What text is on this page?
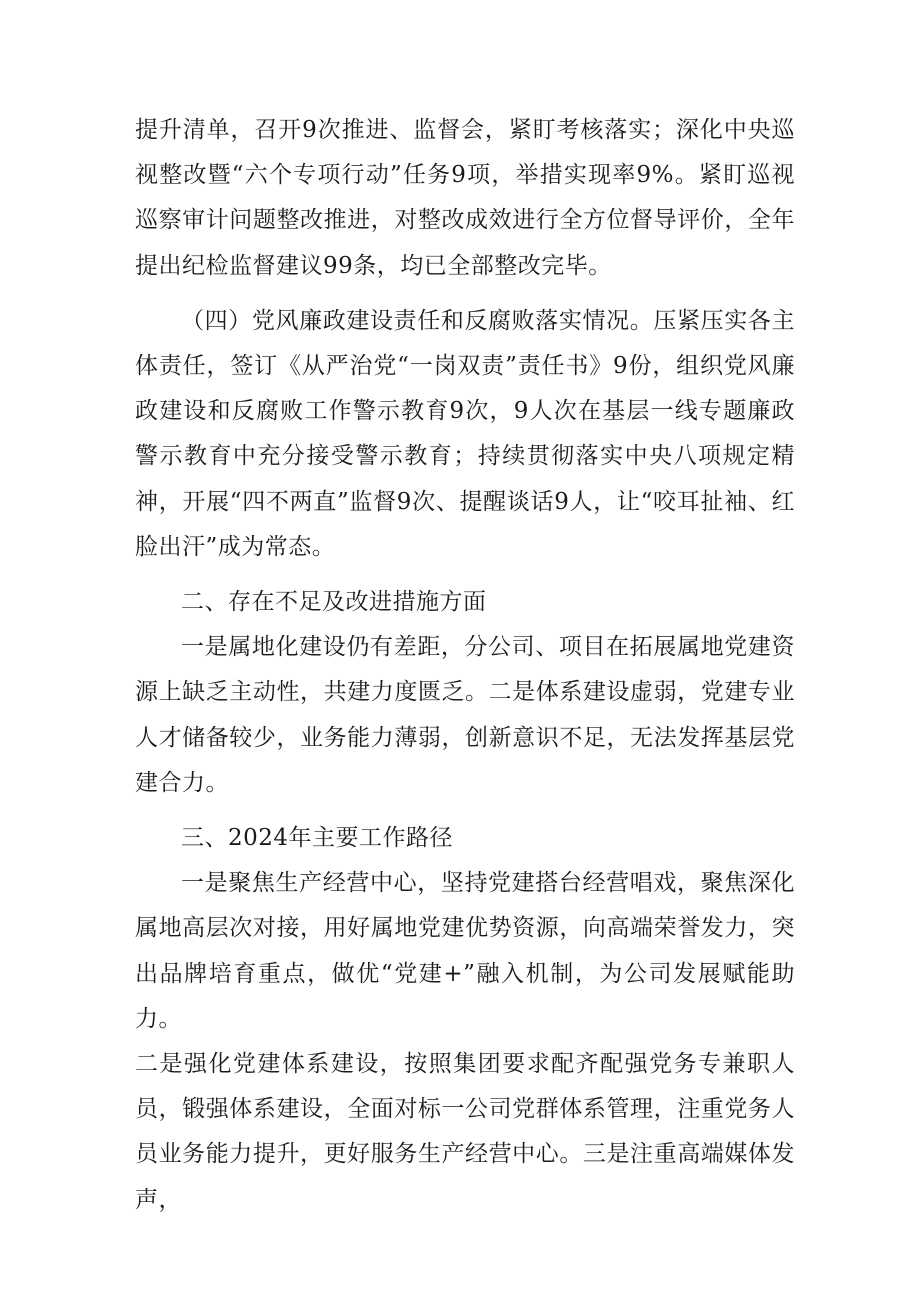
提升清单，召开9次推进、监督会，紧盯考核落实；深化中央巡视整改暨“六个专项行动”任务9项，举措实现率9%。紧盯巡视巡察审计问题整改推进，对整改成效进行全方位督导评价，全年提出纪检监督建议99条，均已全部整改完毕。

（四）党风廉政建设责任和反腐败落实情况。压紧压实各主体责任，签订《从严治党“一岗双责”责任书》9份，组织党风廉政建设和反腐败工作警示教育9次，9人次在基层一线专题廉政警示教育中充分接受警示教育；持续贯彻落实中央八项规定精神，开展“四不两直”监督9次、提醒谈话9人，让“咬耳扯袖、红脸出汗”成为常态。

二、存在不足及改进措施方面

一是属地化建设仍有差距，分公司、项目在拓展属地党建资源上缺乏主动性，共建力度匮乏。二是体系建设虚弱，党建专业人才储备较少，业务能力薄弱，创新意识不足，无法发挥基层党建合力。

三、2024年主要工作路径

一是聚焦生产经营中心，坚持党建搭台经营唱戏，聚焦深化属地高层次对接，用好属地党建优势资源，向高端荣誉发力，突出品牌培育重点，做优“党建+”融入机制，为公司发展赋能助力。

二是强化党建体系建设，按照集团要求配齐配强党务专兼职人员，锻强体系建设，全面对标一公司党群体系管理，注重党务人员业务能力提升，更好服务生产经营中心。三是注重高端媒体发声，
